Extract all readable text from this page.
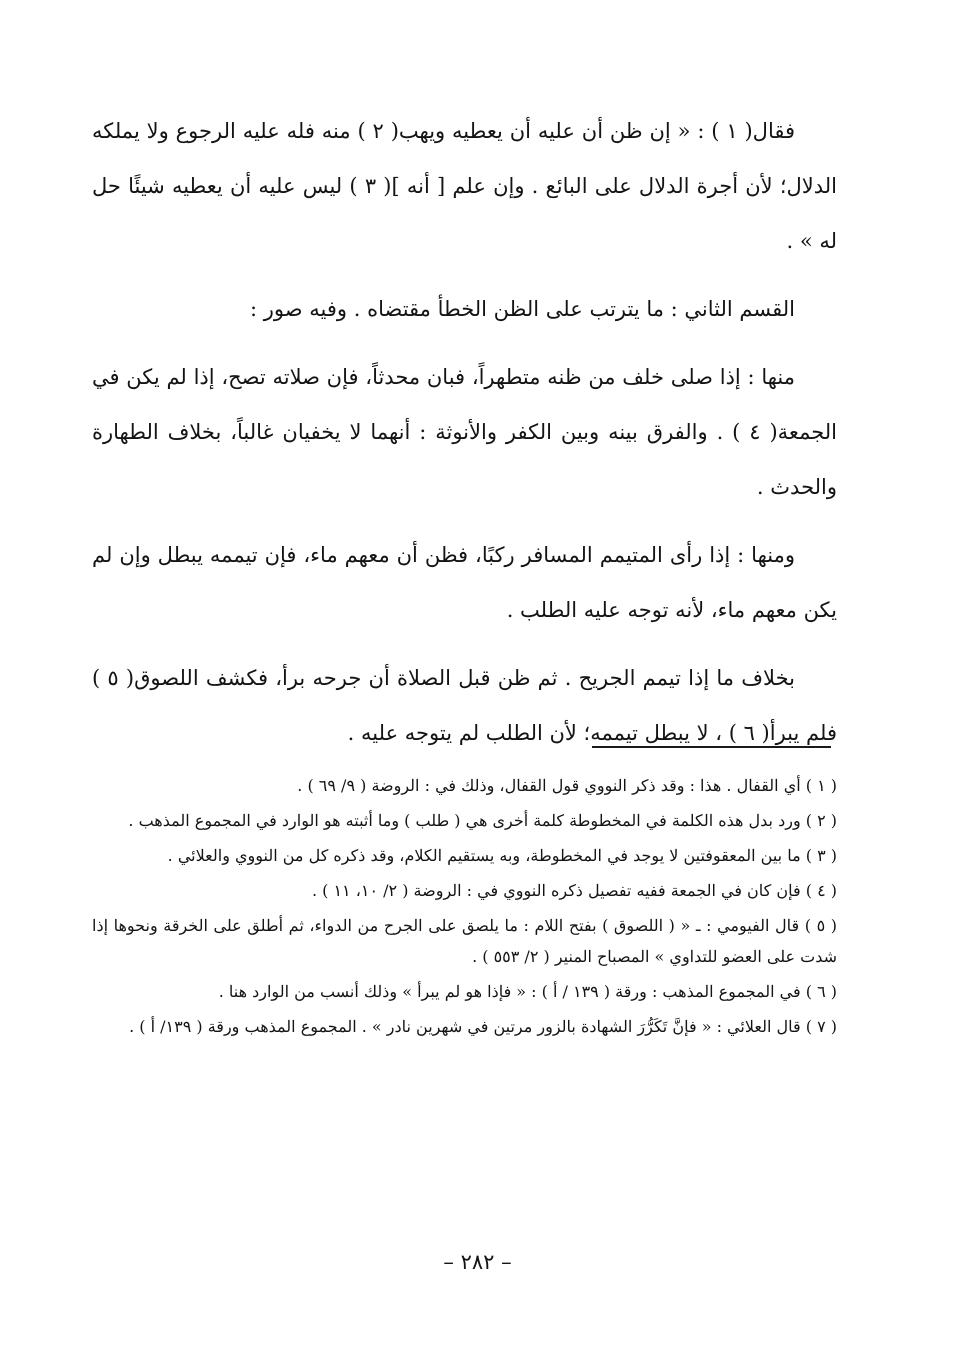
فقال( ١ ) : « إن ظن أن عليه أن يعطيه ويهب( ٢ ) منه فله عليه الرجوع ولا يملكه الدلال؛ لأن أجرة الدلال على البائع . وإن علم [ أنه ]( ٣ ) ليس عليه أن يعطيه شيئًا حل له » .

القسم الثاني : ما يترتب على الظن الخطأ مقتضاه . وفيه صور :

منها : إذا صلى خلف من ظنه متطهراً، فبان محدثاً، فإن صلاته تصح، إذا لم يكن في الجمعة( ٤ ) . والفرق بينه وبين الكفر والأنوثة : أنهما لا يخفيان غالباً، بخلاف الطهارة والحدث .

ومنها : إذا رأى المتيمم المسافر ركبًا، فظن أن معهم ماء، فإن تيممه يبطل وإن لم يكن معهم ماء، لأنه توجه عليه الطلب .

بخلاف ما إذا تيمم الجريح . ثم ظن قبل الصلاة أن جرحه برأ، فكشف اللصوق( ٥ ) فلم يبرأ( ٦ ) ، لا يبطل تيممه؛ لأن الطلب لم يتوجه عليه .

( ١ ) أي القفال . هذا : وقد ذكر النووي قول القفال، وذلك في : الروضة ( ٩/ ٦٩ ) .

( ٢ ) ورد بدل هذه الكلمة في المخطوطة كلمة أخرى هي ( طلب ) وما أثبته هو الوارد في المجموع المذهب .

( ٣ ) ما بين المعقوفتين لا يوجد في المخطوطة، وبه يستقيم الكلام، وقد ذكره كل من النووي والعلائي .

( ٤ ) فإن كان في الجمعة ففيه تفصيل ذكره النووي في : الروضة ( ٢/ ١٠، ١١ ) .

( ٥ ) قال الفيومي : ـ « ( اللصوق ) بفتح اللام : ما يلصق على الجرح من الدواء، ثم أطلق على الخرقة ونحوها إذا شدت على العضو للتداوي » المصباح المنير ( ٢/ ٥٥٣ ) .

( ٦ ) في المجموع المذهب : ورقة ( ١٣٩ / أ ) : « فإذا هو لم يبرأ » وذلك أنسب من الوارد هنا .

( ٧ ) قال العلائي : « فإنَّ تَكَرُّرَ الشهادة بالزور مرتين في شهرين نادر » . المجموع المذهب ورقة ( ١٣٩/ أ ) .

– ٢٨٢ –
